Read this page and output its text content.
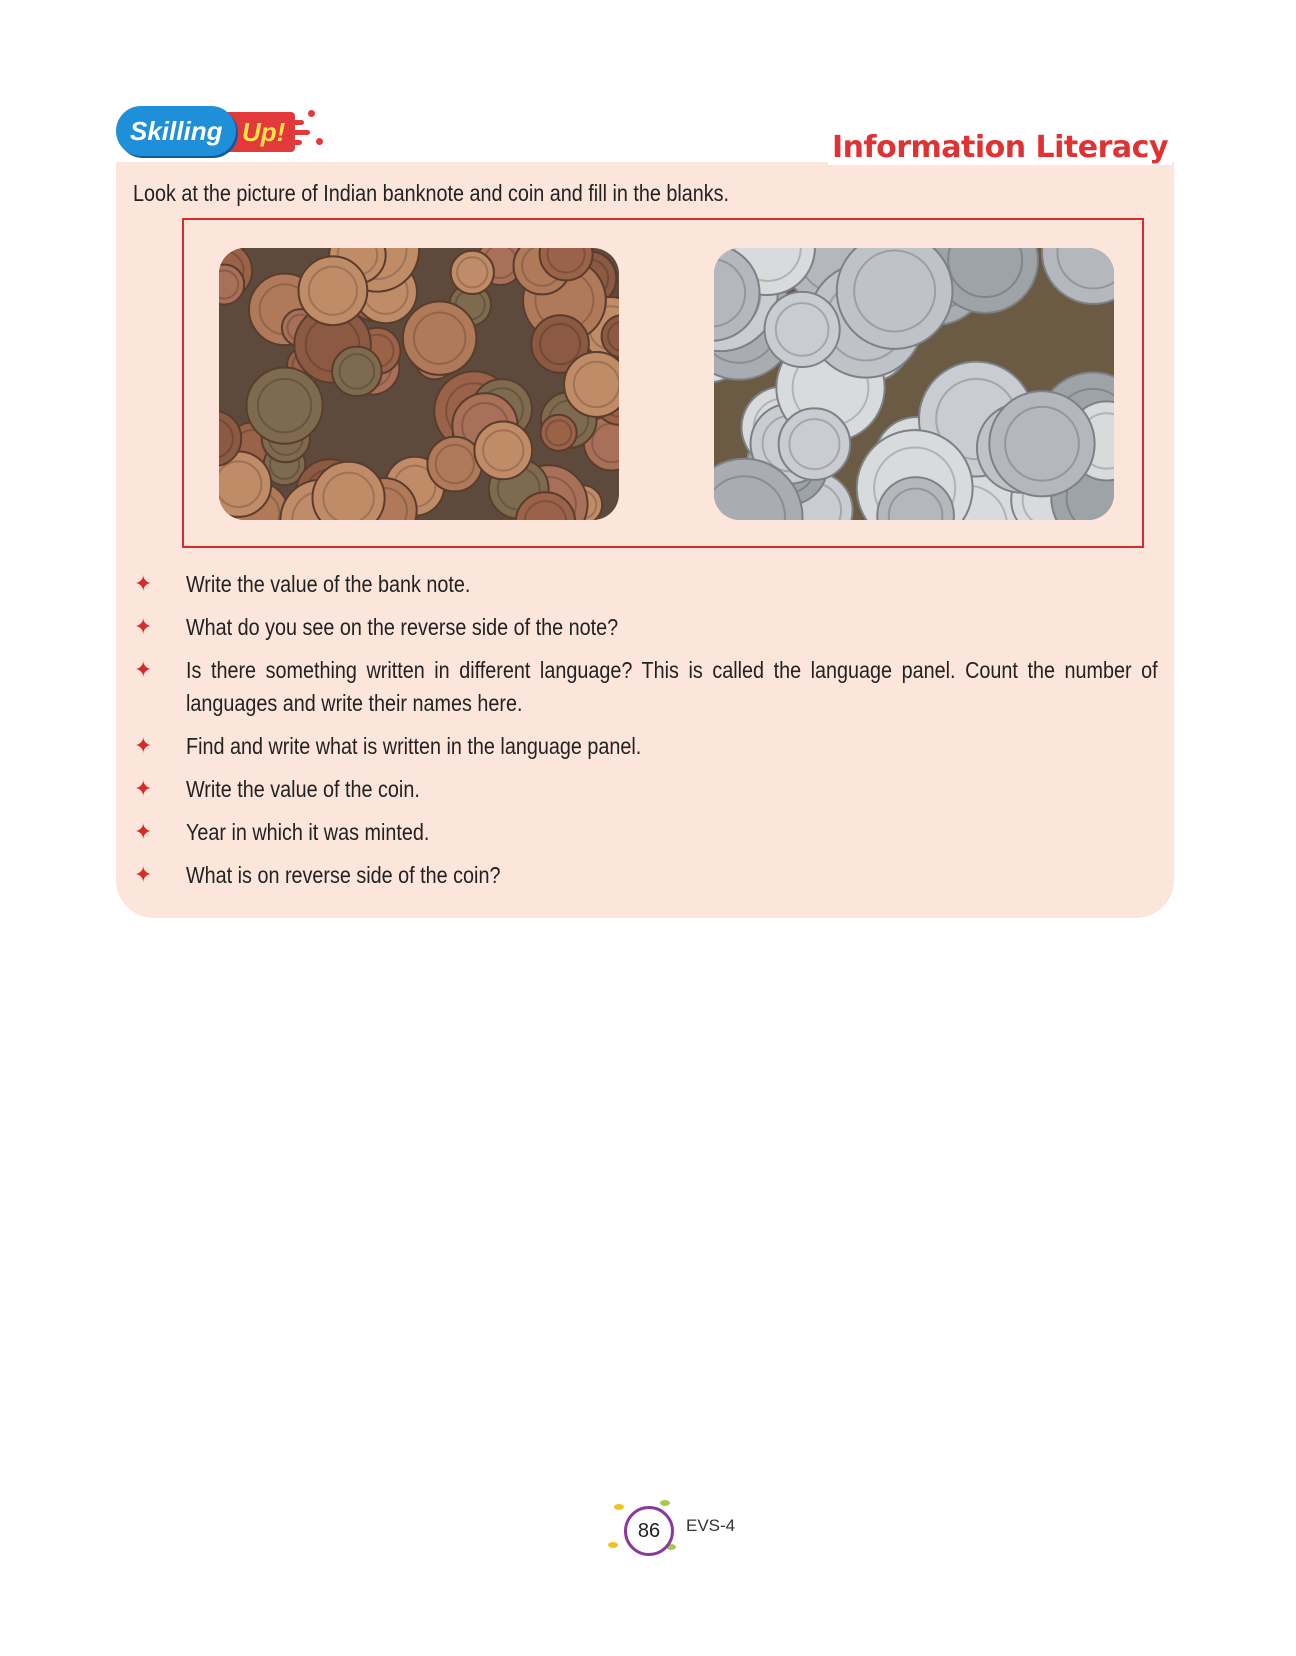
Skilling Up!	Information Literacy
Look at the picture of Indian banknote and coin and fill in the blanks.
✦ Write the value of the bank note.
✦ What do you see on the reverse side of the note?
✦ Is there something written in different language? This is called the language panel. Count the number of languages and write their names here.
✦ Find and write what is written in the language panel.
✦ Write the value of the coin.
✦ Year in which it was minted.
✦ What is on reverse side of the coin?
86	EVS-4
